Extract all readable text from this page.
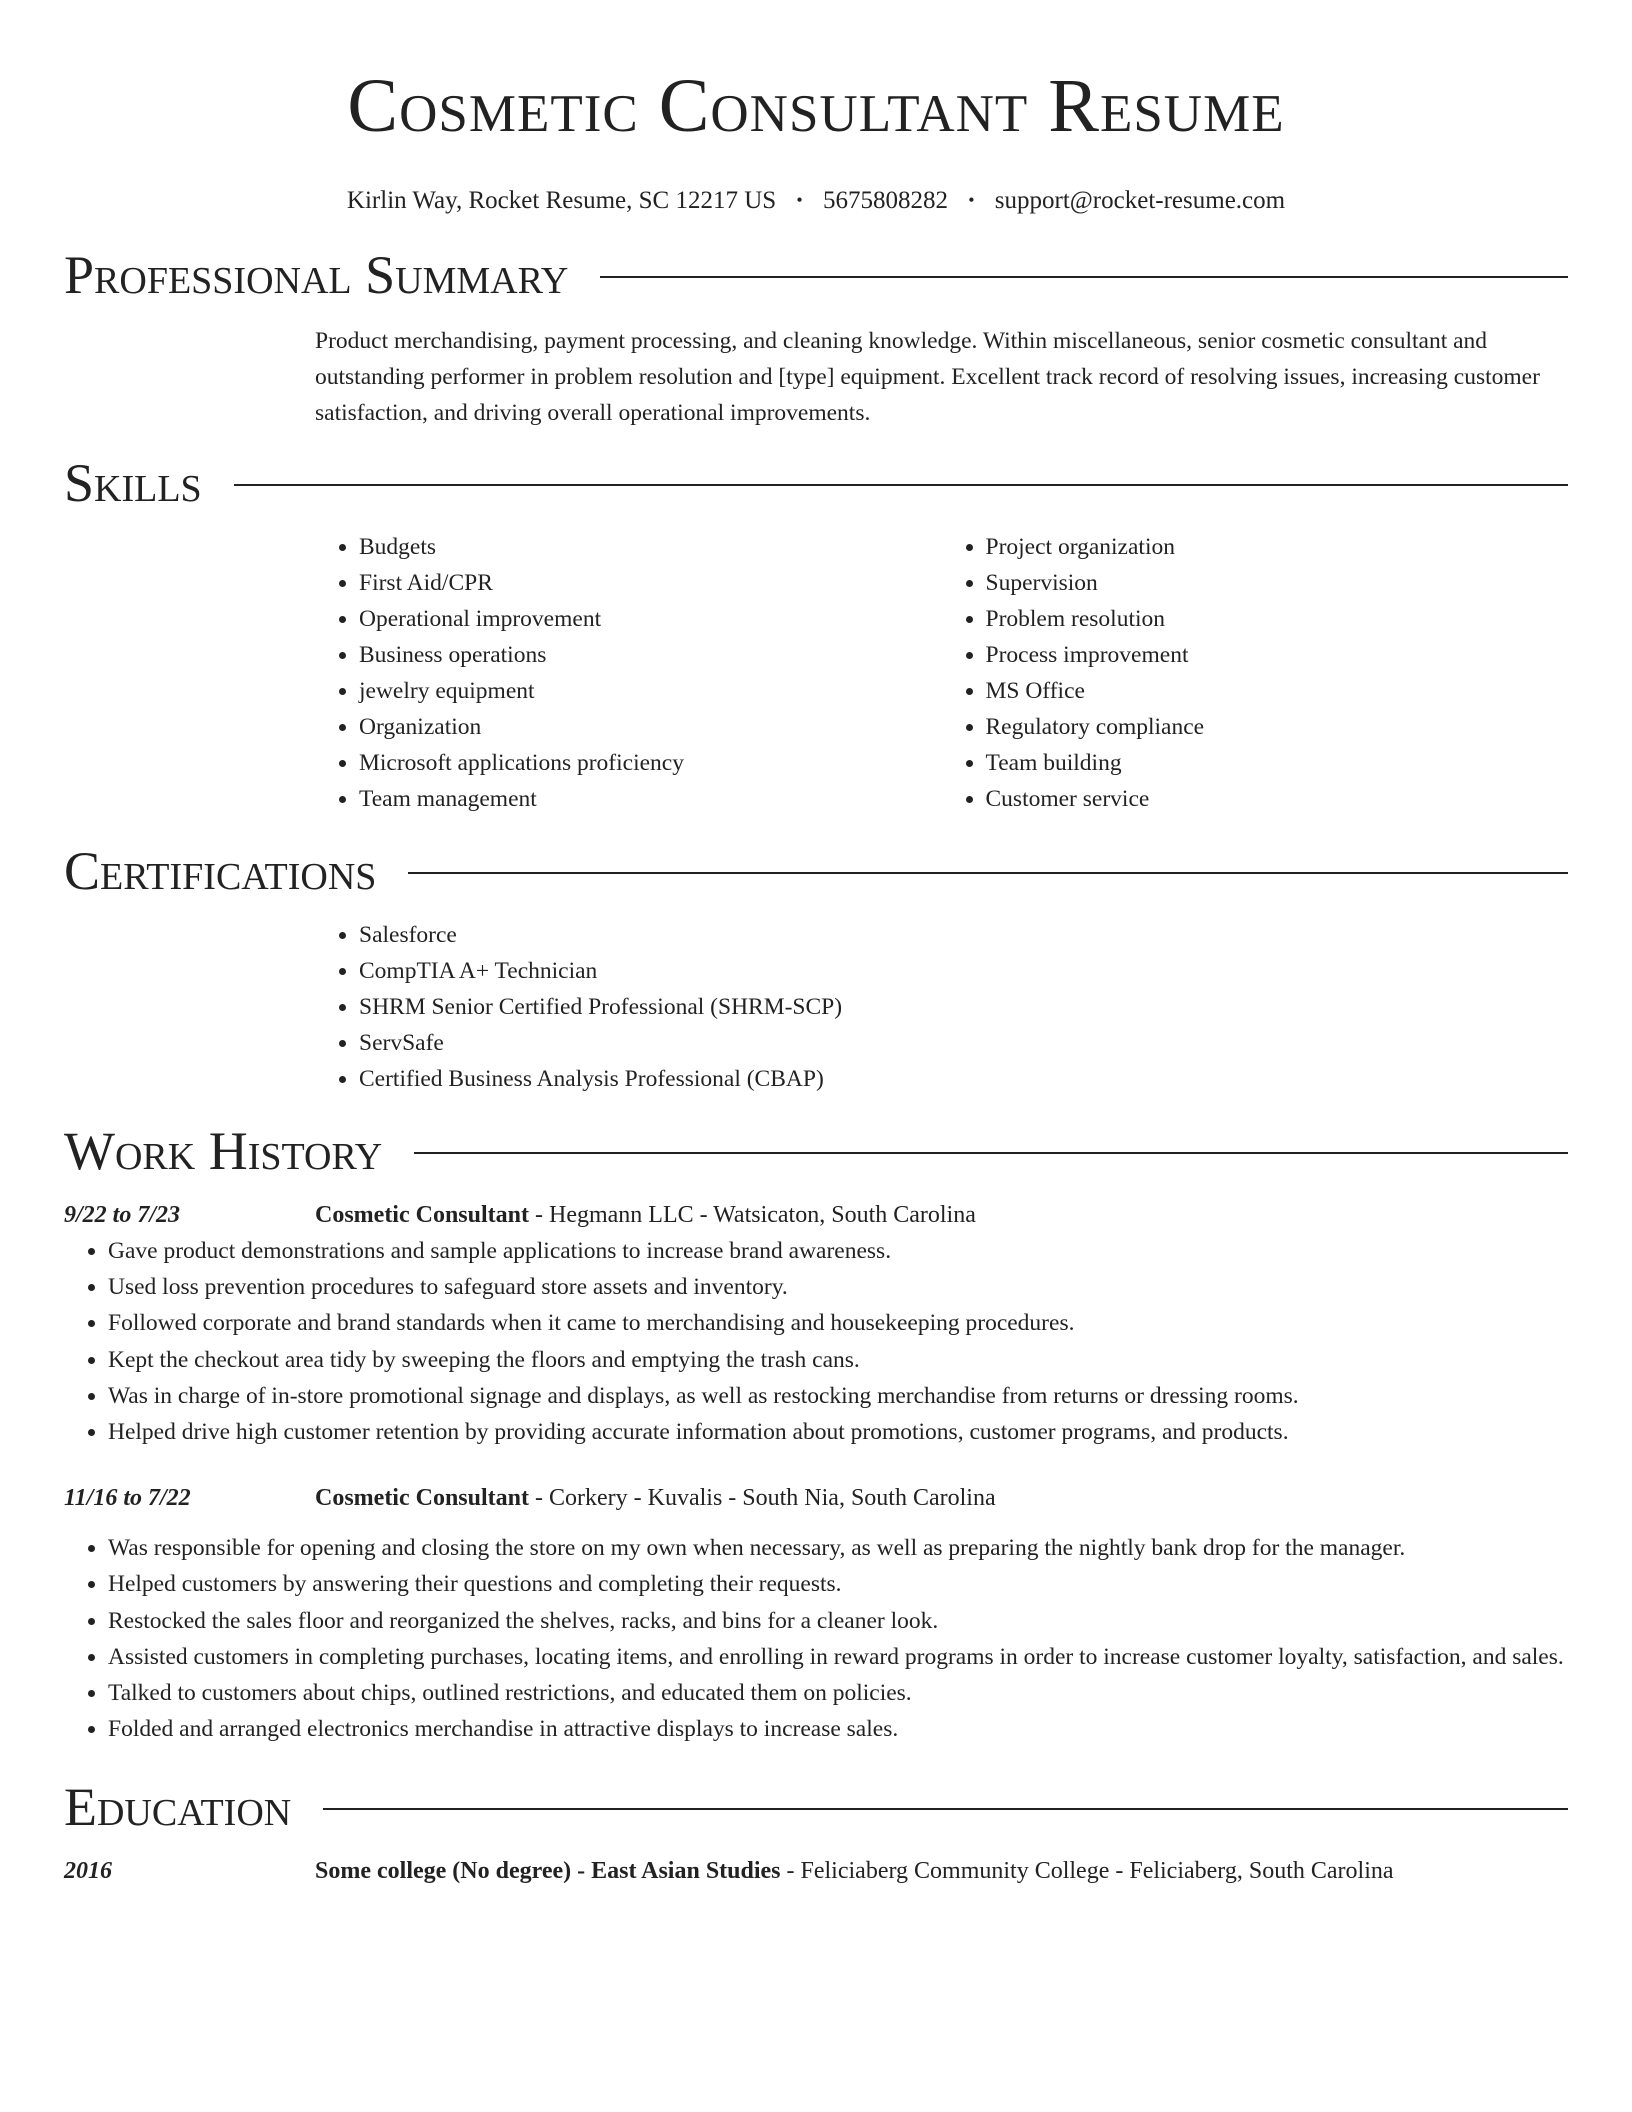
Cosmetic Consultant Resume
Kirlin Way, Rocket Resume, SC 12217 US • 5675808282 • support@rocket-resume.com
Professional Summary
Product merchandising, payment processing, and cleaning knowledge. Within miscellaneous, senior cosmetic consultant and outstanding performer in problem resolution and [type] equipment. Excellent track record of resolving issues, increasing customer satisfaction, and driving overall operational improvements.
Skills
• Budgets
• First Aid/CPR
• Operational improvement
• Business operations
• jewelry equipment
• Organization
• Microsoft applications proficiency
• Team management
• Project organization
• Supervision
• Problem resolution
• Process improvement
• MS Office
• Regulatory compliance
• Team building
• Customer service
Certifications
• Salesforce
• CompTIA A+ Technician
• SHRM Senior Certified Professional (SHRM-SCP)
• ServSafe
• Certified Business Analysis Professional (CBAP)
Work History
9/22 to 7/23	Cosmetic Consultant - Hegmann LLC - Watsicaton, South Carolina
• Gave product demonstrations and sample applications to increase brand awareness.
• Used loss prevention procedures to safeguard store assets and inventory.
• Followed corporate and brand standards when it came to merchandising and housekeeping procedures.
• Kept the checkout area tidy by sweeping the floors and emptying the trash cans.
• Was in charge of in-store promotional signage and displays, as well as restocking merchandise from returns or dressing rooms.
• Helped drive high customer retention by providing accurate information about promotions, customer programs, and products.
11/16 to 7/22	Cosmetic Consultant - Corkery - Kuvalis - South Nia, South Carolina
• Was responsible for opening and closing the store on my own when necessary, as well as preparing the nightly bank drop for the manager.
• Helped customers by answering their questions and completing their requests.
• Restocked the sales floor and reorganized the shelves, racks, and bins for a cleaner look.
• Assisted customers in completing purchases, locating items, and enrolling in reward programs in order to increase customer loyalty, satisfaction, and sales.
• Talked to customers about chips, outlined restrictions, and educated them on policies.
• Folded and arranged electronics merchandise in attractive displays to increase sales.
Education
2016	Some college (No degree) - East Asian Studies - Feliciaberg Community College - Feliciaberg, South Carolina
